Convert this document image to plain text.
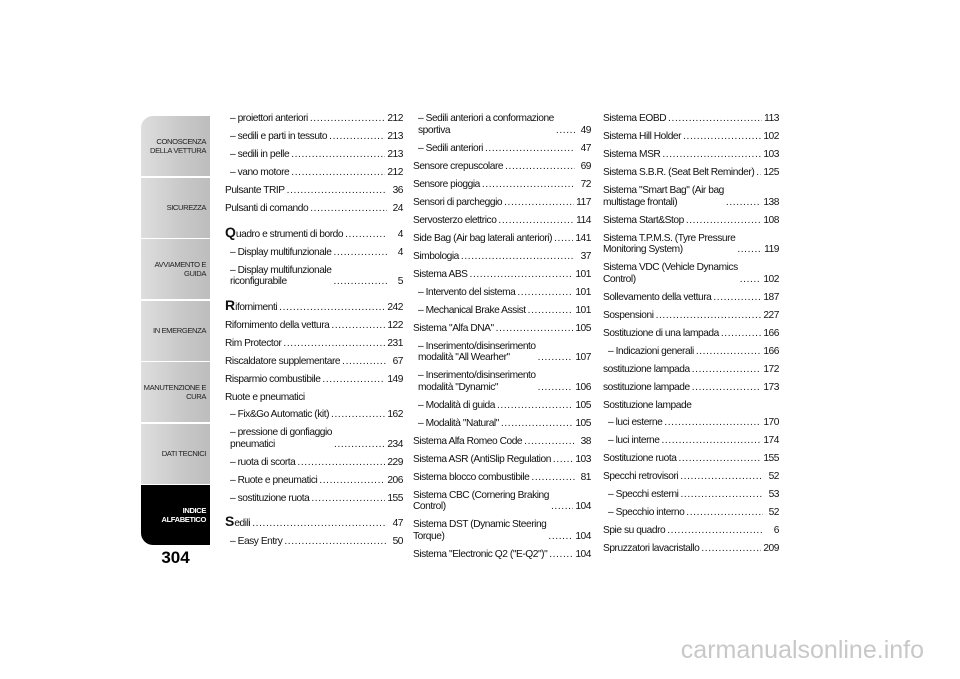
CONOSCENZA
DELLA VETTURA
SICUREZZA
AVVIAMENTO E
GUIDA
IN EMERGENZA
MANUTENZIONE E
CURA
DATI TECNICI
INDICE
ALFABETICO
304
– proiettori anteriori .....	212
– sedili e parti in tessuto .....	213
– sedili in pelle .....	213
– vano motore .....	212
Pulsante TRIP .....	36
Pulsanti di comando .....	24
Quadro e strumenti di bordo .....	4
– Display multifunzionale .....	4
– Display multifunzionale
riconfigurabile .....	5
Rifornimenti .....	242
Rifornimento della vettura .....	122
Rim Protector .....	231
Riscaldatore supplementare .....	67
Risparmio combustibile .....	149
Ruote e pneumatici
– Fix&Go Automatic (kit) .....	162
– pressione di gonfiaggio
pneumatici .....	234
– ruota di scorta .....	229
– Ruote e pneumatici .....	206
– sostituzione ruota .....	155
Sedili .....	47
– Easy Entry .....	50
– Sedili anteriori a conformazione
sportiva .....	49
– Sedili anteriori .....	47
Sensore crepuscolare .....	69
Sensore pioggia .....	72
Sensori di parcheggio .....	117
Servosterzo elettrico .....	114
Side Bag (Air bag laterali anteriori) ..... 141
Simbologia .....	37
Sistema ABS .....	101
– Intervento del sistema .....	101
– Mechanical Brake Assist .....	101
Sistema "Alfa DNA" .....	105
– Inserimento/disinserimento
modalità "All Wearher" .....	107
– Inserimento/disinserimento
modalità "Dynamic" .....	106
– Modalità di guida .....	105
– Modalità "Natural" .....	105
Sistema Alfa Romeo Code .....	38
Sistema ASR (AntiSlip Regulation ..... 103
Sistema blocco combustibile .....	81
Sistema CBC (Cornering Braking
Control) .....	104
Sistema DST (Dynamic Steering
Torque) .....	104
Sistema "Electronic Q2 ("E-Q2")" .....	104
Sistema EOBD .....	113
Sistema Hill Holder .....	102
Sistema MSR .....	103
Sistema S.B.R. (Seat Belt Reminder) ..... 125
Sistema "Smart Bag" (Air bag
multistage frontali) .....	138
Sistema Start&Stop .....	108
Sistema T.P.M.S. (Tyre Pressure
Monitoring System) .....	119
Sistema VDC (Vehicle Dynamics
Control) .....	102
Sollevamento della vettura .....	187
Sospensioni .....	227
Sostituzione di una lampada .....	166
– Indicazioni generali .....	166
sostituzione lampada .....	172
sostituzione lampade .....	173
Sostituzione lampade
– luci esterne .....	170
– luci interne .....	174
Sostituzione ruota .....	155
Specchi retrovisori .....	52
– Specchi esterni .....	53
– Specchio interno .....	52
Spie su quadro .....	6
Spruzzatori lavacristallo .....	209
carmanualsonline.info
